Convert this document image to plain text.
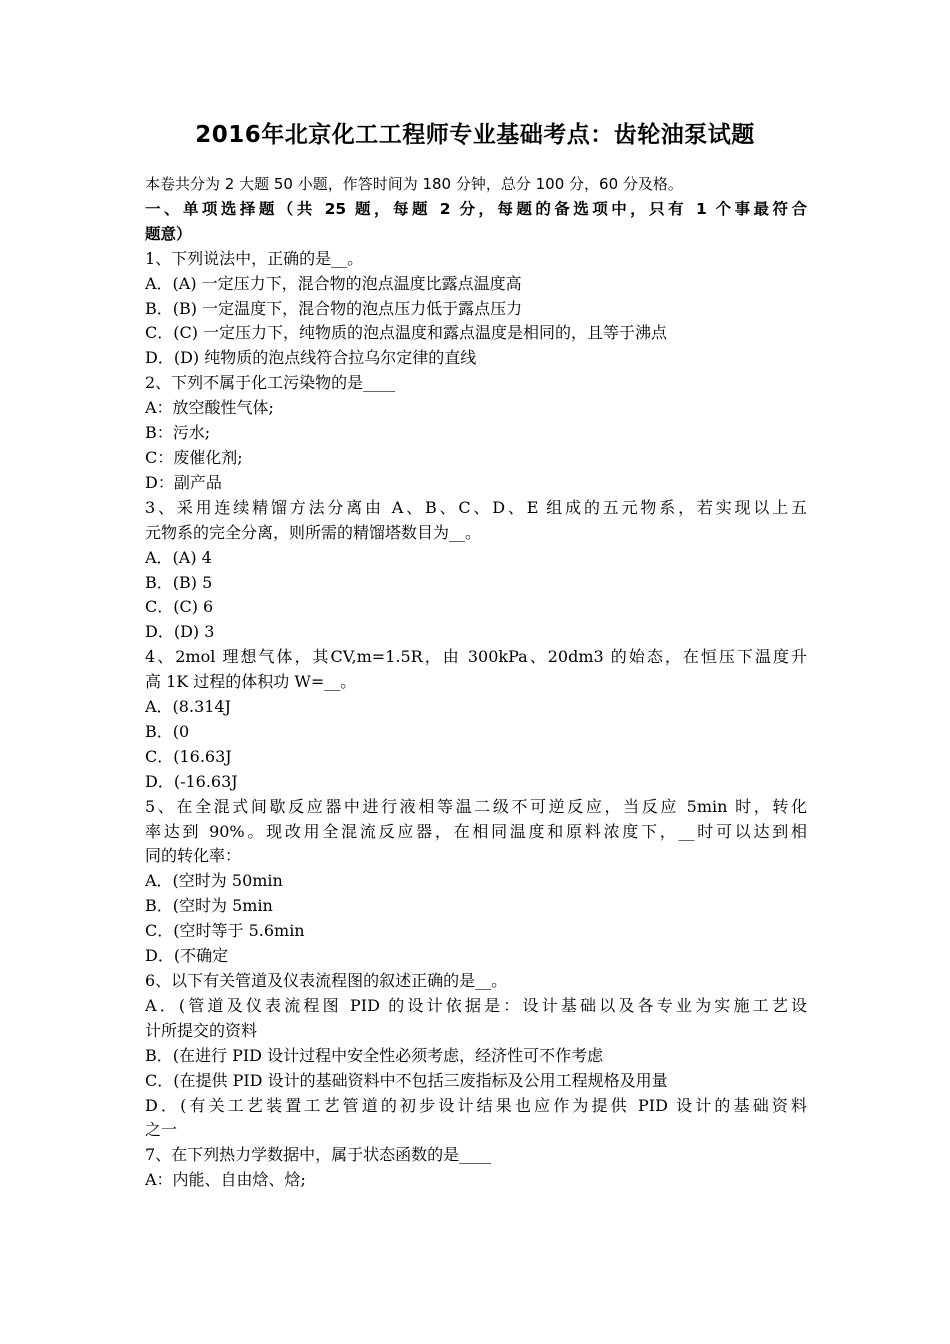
2016年北京化工工程师专业基础考点：齿轮油泵试题
本卷共分为 2 大题 50 小题，作答时间为 180 分钟，总分 100 分，60 分及格。
一、单项选择题（共 25 题，每题 2 分，每题的备选项中，只有 1 个事最符合
题意）
1、下列说法中，正确的是__。
A．(A) 一定压力下，混合物的泡点温度比露点温度高
B．(B) 一定温度下，混合物的泡点压力低于露点压力
C．(C) 一定压力下，纯物质的泡点温度和露点温度是相同的，且等于沸点
D．(D) 纯物质的泡点线符合拉乌尔定律的直线
2、下列不属于化工污染物的是____
A：放空酸性气体;
B：污水;
C：废催化剂;
D：副产品
3、采用连续精馏方法分离由 A、B、C、D、E 组成的五元物系，若实现以上五
元物系的完全分离，则所需的精馏塔数目为__。
A．(A) 4
B．(B) 5
C．(C) 6
D．(D) 3
4、2mol 理想气体，其CV,m=1.5R，由 300kPa、20dm3 的始态，在恒压下温度升
高 1K 过程的体积功 W=__。
A．(8.314J
B．(0
C．(16.63J
D．(-16.63J
5、在全混式间歇反应器中进行液相等温二级不可逆反应，当反应 5min 时，转化
率达到 90%。现改用全混流反应器，在相同温度和原料浓度下，__时可以达到相
同的转化率：
A．(空时为 50min
B．(空时为 5min
C．(空时等于 5.6min
D．(不确定
6、以下有关管道及仪表流程图的叙述正确的是__。
A．(管道及仪表流程图 PID 的设计依据是：设计基础以及各专业为实施工艺设
计所提交的资料
B．(在进行 PID 设计过程中安全性必须考虑，经济性可不作考虑
C．(在提供 PID 设计的基础资料中不包括三废指标及公用工程规格及用量
D．(有关工艺装置工艺管道的初步设计结果也应作为提供 PID 设计的基础资料
之一
7、在下列热力学数据中，属于状态函数的是____
A：内能、自由焓、焓;
